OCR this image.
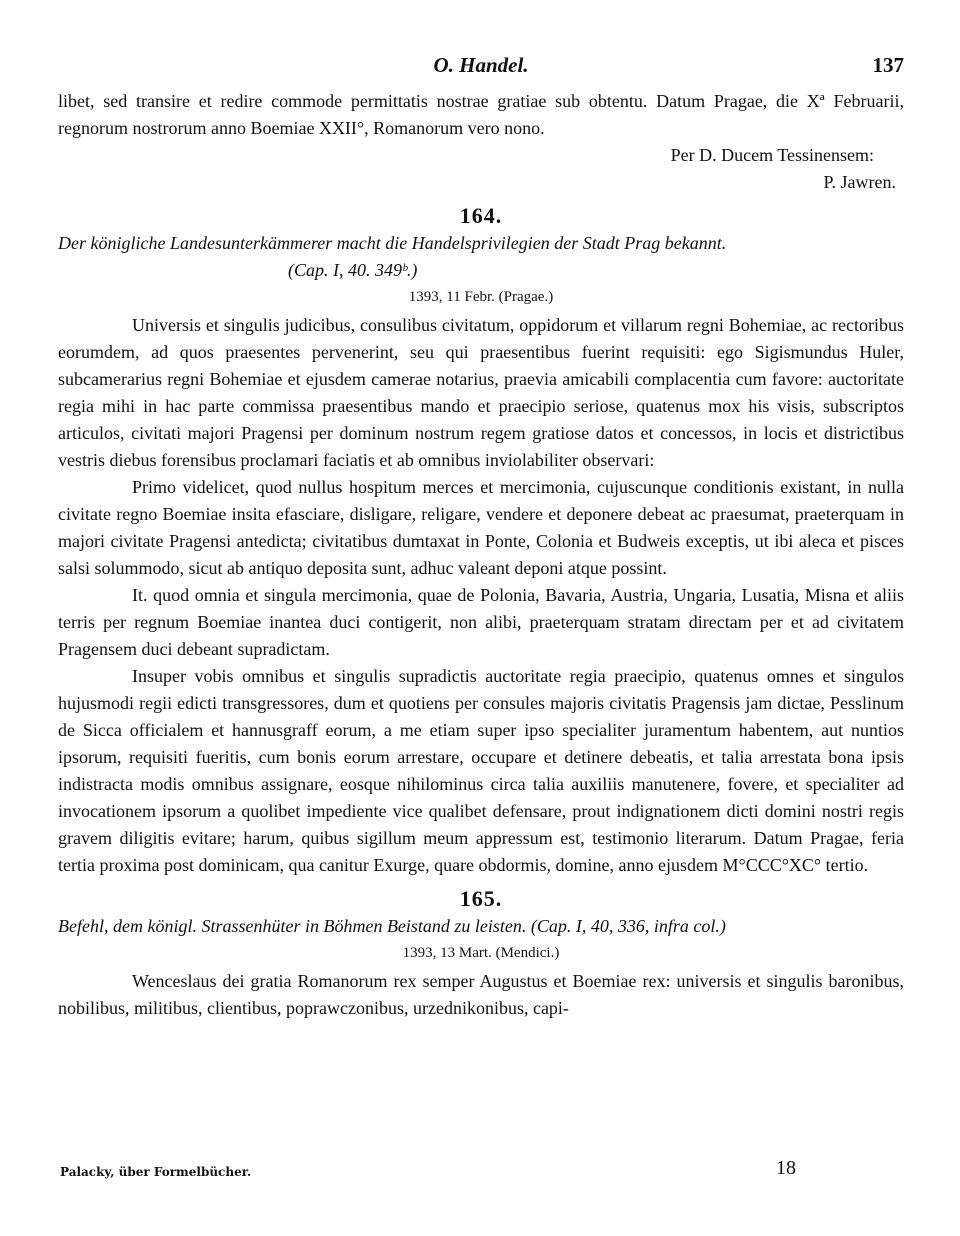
O. Handel.	137

libet, sed transire et redire commode permittatis nostrae gratiae sub obtentu. Datum Pragae, die Xª Februarii, regnorum nostrorum anno Boemiae XXII°, Romanorum vero nono.

Per D. Ducem Tessinensem:

P. Jawren.

164.

Der königliche Landesunterkämmerer macht die Handelsprivilegien der Stadt Prag bekannt.

(Cap. I, 40. 349ᵇ.)

1393, 11 Febr. (Pragae.)

Universis et singulis judicibus, consulibus civitatum, oppidorum et villarum regni Bohemiae, ac rectoribus eorumdem, ad quos praesentes pervenerint, seu qui praesentibus fuerint requisiti: ego Sigismundus Huler, subcamerarius regni Bohemiae et ejusdem camerae notarius, praevia amicabili complacentia cum favore: auctoritate regia mihi in hac parte commissa praesentibus mando et praecipio seriose, quatenus mox his visis, subscriptos articulos, civitati majori Pragensi per dominum nostrum regem gratiose datos et concessos, in locis et districtibus vestris diebus forensibus proclamari faciatis et ab omnibus inviolabiliter observari:

Primo videlicet, quod nullus hospitum merces et mercimonia, cujuscunque conditionis existant, in nulla civitate regno Boemiae insita efasciare, disligare, religare, vendere et deponere debeat ac praesumat, praeterquam in majori civitate Pragensi antedicta; civitatibus dumtaxat in Ponte, Colonia et Budweis exceptis, ut ibi aleca et pisces salsi solummodo, sicut ab antiquo deposita sunt, adhuc valeant deponi atque possint.

It. quod omnia et singula mercimonia, quae de Polonia, Bavaria, Austria, Ungaria, Lusatia, Misna et aliis terris per regnum Boemiae inantea duci contigerit, non alibi, praeterquam stratam directam per et ad civitatem Pragensem duci debeant supradictam.

Insuper vobis omnibus et singulis supradictis auctoritate regia praecipio, quatenus omnes et singulos hujusmodi regii edicti transgressores, dum et quotiens per consules majoris civitatis Pragensis jam dictae, Pesslinum de Sicca officialem et hannusgraff eorum, a me etiam super ipso specialiter juramentum habentem, aut nuntios ipsorum, requisiti fueritis, cum bonis eorum arrestare, occupare et detinere debeatis, et talia arrestata bona ipsis indistracta modis omnibus assignare, eosque nihilominus circa talia auxiliis manutenere, fovere, et specialiter ad invocationem ipsorum a quolibet impediente vice qualibet defensare, prout indignationem dicti domini nostri regis gravem diligitis evitare; harum, quibus sigillum meum appressum est, testimonio literarum. Datum Pragae, feria tertia proxima post dominicam, qua canitur Exurge, quare obdormis, domine, anno ejusdem M°CCC°XC° tertio.

165.

Befehl, dem königl. Strassenhüter in Böhmen Beistand zu leisten. (Cap. I, 40, 336, infra col.)

1393, 13 Mart. (Mendici.)

Wenceslaus dei gratia Romanorum rex semper Augustus et Boemiae rex: universis et singulis baronibus, nobilibus, militibus, clientibus, poprawczonibus, urzednikonibus, capi-

Palacky, über Formelbücher.	18
